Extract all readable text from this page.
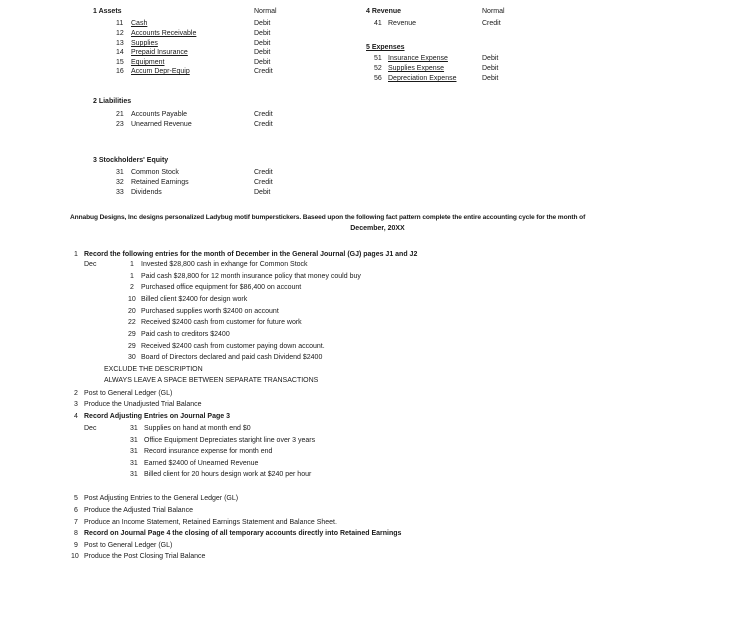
1 Assets	Normal
11 Cash	Debit
12 Accounts Receivable	Debit
13 Supplies	Debit
14 Prepaid Insurance	Debit
15 Equipment	Debit
16 Accum Depr-Equip	Credit
4 Revenue	Normal
41 Revenue	Credit
5 Expenses
51 Insurance Expense	Debit
52 Supplies Expense	Debit
56 Depreciation Expense	Debit
2 Liabilities
21 Accounts Payable	Credit
23 Unearned Revenue	Credit
3 Stockholders' Equity
31 Common Stock	Credit
32 Retained Earnings	Credit
33 Dividends	Debit
Annabug Designs, Inc designs personalized Ladybug motif bumperstickers. Baseed upon the following fact pattern complete the entire accounting cycle for the month of
December, 20XX
1 Record the following entries for the month of December in the General Journal (GJ) pages J1 and J2
Dec	1 Invested $28,800 cash in exhange for Common Stock
1 Paid cash $28,800 for 12 month insurance policy that money could buy
2 Purchased office equipment for $86,400 on account
10 Billed client $2400 for design work
20 Purchased supplies worth $2400 on account
22 Received $2400 cash from customer for future work
29 Paid cash to creditors $2400
29 Received $2400 cash from customer paying down account.
30 Board of Directors declared and paid cash Dividend $2400
EXCLUDE THE DESCRIPTION
ALWAYS LEAVE A SPACE BETWEEN SEPARATE TRANSACTIONS
2 Post to General Ledger (GL)
3 Produce the Unadjusted Trial Balance
4 Record Adjusting Entries on Journal Page 3
Dec	31 Supplies on hand at month end $0
31 Office Equipment Depreciates staright line over 3 years
31 Record insurance expense for month end
31 Earned $2400 of Unearned Revenue
31 Billed client for 20 hours design work at $240 per hour
5 Post Adjusting Entries to the General Ledger (GL)
6 Produce the Adjusted Trial Balance
7 Produce an Income Statement, Retained Earnings Statement and Balance Sheet.
8 Record on Journal Page 4 the closing of all temporary accounts directly into Retained Earnings
9 Post to General Ledger (GL)
10 Produce the Post Closing Trial Balance
